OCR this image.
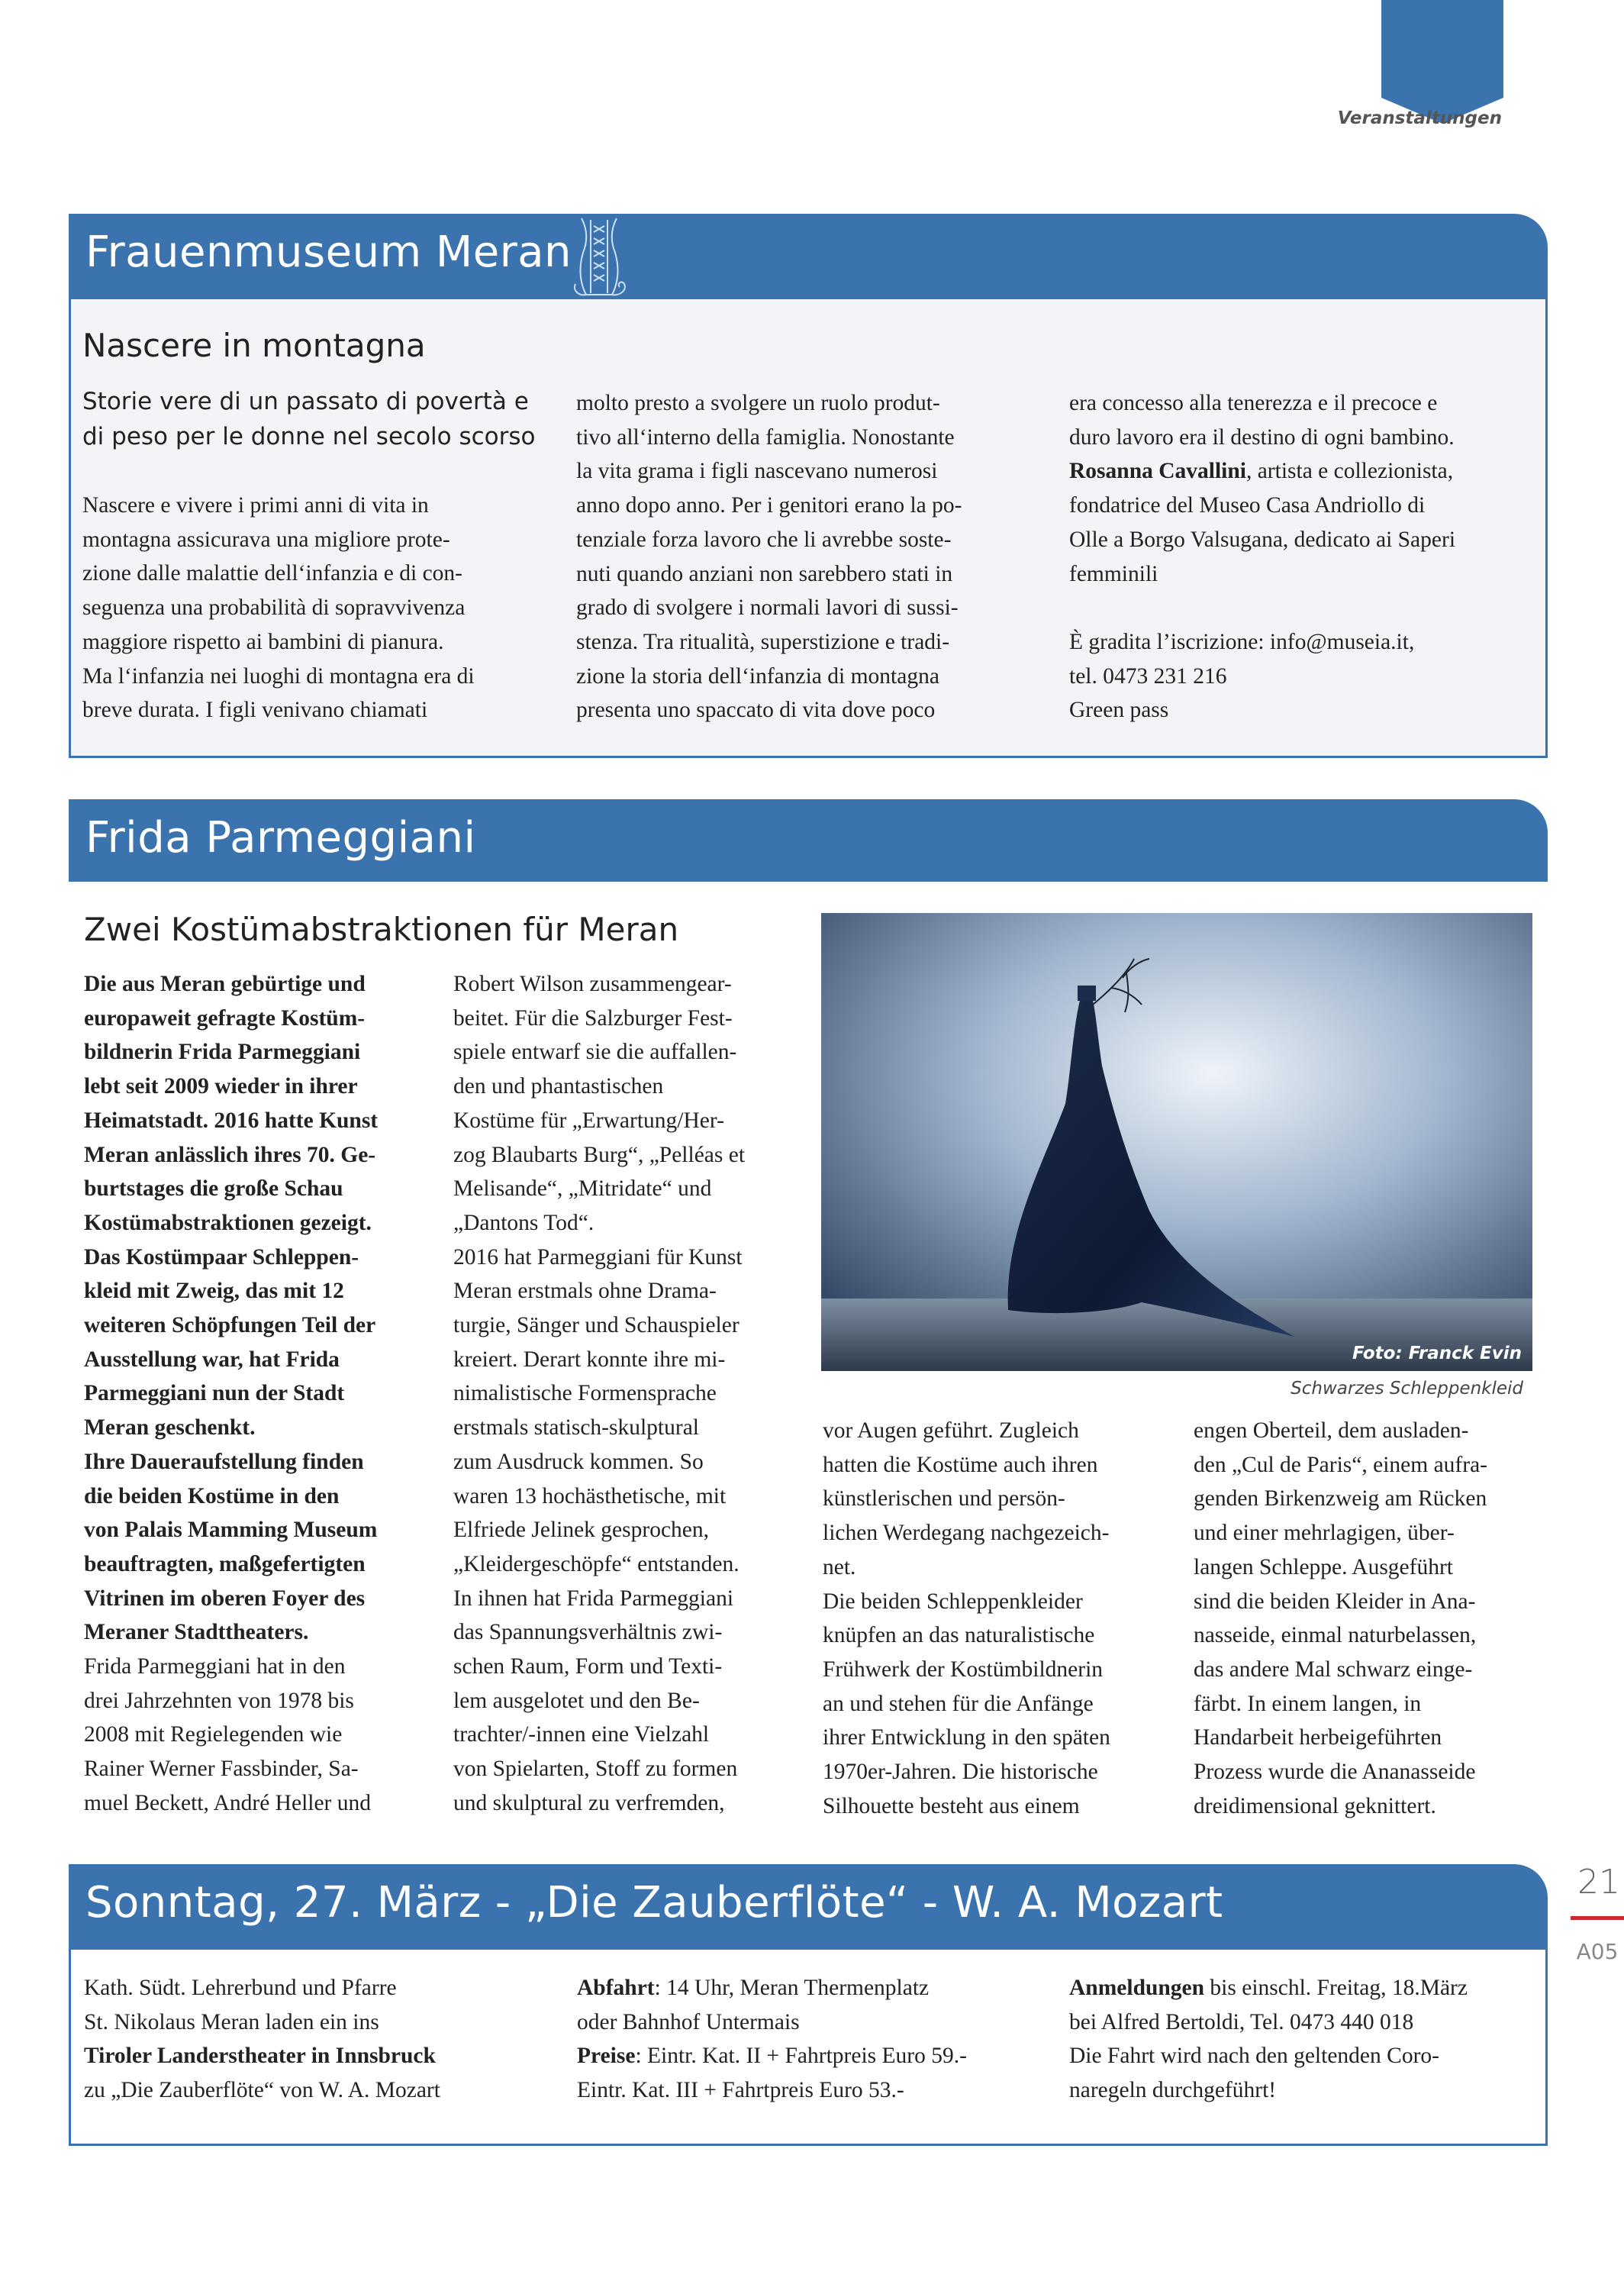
Veranstaltungen
Frauenmuseum Meran
Nascere in montagna
Storie vere di un passato di povertà e
di peso per le donne nel secolo scorso
Nascere e vivere i primi anni di vita in
montagna assicurava una migliore prote-
zione dalle malattie dell‘infanzia e di con-
seguenza una probabilità di sopravvivenza
maggiore rispetto ai bambini di pianura.
Ma l‘infanzia nei luoghi di montagna era di
breve durata. I figli venivano chiamati
molto presto a svolgere un ruolo produt-
tivo all‘interno della famiglia. Nonostante
la vita grama i figli nascevano numerosi
anno dopo anno. Per i genitori erano la po-
tenziale forza lavoro che li avrebbe soste-
nuti quando anziani non sarebbero stati in
grado di svolgere i normali lavori di sussi-
stenza. Tra ritualità, superstizione e tradi-
zione la storia dell‘infanzia di montagna
presenta uno spaccato di vita dove poco
era concesso alla tenerezza e il precoce e
duro lavoro era il destino di ogni bambino.
Rosanna Cavallini, artista e collezionista,
fondatrice del Museo Casa Andriollo di
Olle a Borgo Valsugana, dedicato ai Saperi
femminili
È gradita l’iscrizione: info@museia.it,
tel. 0473 231 216
Green pass
Frida Parmeggiani
Zwei Kostümabstraktionen für Meran
Die aus Meran gebürtige und
europaweit gefragte Kostüm-
bildnerin Frida Parmeggiani
lebt seit 2009 wieder in ihrer
Heimatstadt. 2016 hatte Kunst
Meran anlässlich ihres 70. Ge-
burtstages die große Schau
Kostümabstraktionen gezeigt.
Das Kostümpaar Schleppen-
kleid mit Zweig, das mit 12
weiteren Schöpfungen Teil der
Ausstellung war, hat Frida
Parmeggiani nun der Stadt
Meran geschenkt.
Ihre Daueraufstellung finden
die beiden Kostüme in den
von Palais Mamming Museum
beauftragten, maßgefertigten
Vitrinen im oberen Foyer des
Meraner Stadttheaters.
Frida Parmeggiani hat in den
drei Jahrzehnten von 1978 bis
2008 mit Regielegenden wie
Rainer Werner Fassbinder, Sa-
muel Beckett, André Heller und
Robert Wilson zusammengear-
beitet. Für die Salzburger Fest-
spiele entwarf sie die auffallen-
den und phantastischen
Kostüme für „Erwartung/Her-
zog Blaubarts Burg“, „Pelléas et
Melisande“, „Mitridate“ und
„Dantons Tod“.
2016 hat Parmeggiani für Kunst
Meran erstmals ohne Drama-
turgie, Sänger und Schauspieler
kreiert. Derart konnte ihre mi-
nimalistische Formensprache
erstmals statisch-skulptural
zum Ausdruck kommen. So
waren 13 hochästhetische, mit
Elfriede Jelinek gesprochen,
„Kleidergeschöpfe“ entstanden.
In ihnen hat Frida Parmeggiani
das Spannungsverhältnis zwi-
schen Raum, Form und Texti-
lem ausgelotet und den Be-
trachter/-innen eine Vielzahl
von Spielarten, Stoff zu formen
und skulptural zu verfremden,
Foto: Franck Evin
Schwarzes Schleppenkleid
vor Augen geführt. Zugleich
hatten die Kostüme auch ihren
künstlerischen und persön-
lichen Werdegang nachgezeich-
net.
Die beiden Schleppenkleider
knüpfen an das naturalistische
Frühwerk der Kostümbildnerin
an und stehen für die Anfänge
ihrer Entwicklung in den späten
1970er-Jahren. Die historische
Silhouette besteht aus einem
engen Oberteil, dem ausladen-
den „Cul de Paris“, einem aufra-
genden Birkenzweig am Rücken
und einer mehrlagigen, über-
langen Schleppe. Ausgeführt
sind die beiden Kleider in Ana-
nasseide, einmal naturbelassen,
das andere Mal schwarz einge-
färbt. In einem langen, in
Handarbeit herbeigeführten
Prozess wurde die Ananasseide
dreidimensional geknittert.
Sonntag, 27. März - „Die Zauberflöte“ - W. A. Mozart
Kath. Südt. Lehrerbund und Pfarre
St. Nikolaus Meran laden ein ins
Tiroler Landerstheater in Innsbruck
zu „Die Zauberflöte“ von W. A. Mozart
Abfahrt: 14 Uhr, Meran Thermenplatz
oder Bahnhof Untermais
Preise: Eintr. Kat. II + Fahrtpreis Euro 59.-
Eintr. Kat. III + Fahrtpreis Euro 53.-
Anmeldungen bis einschl. Freitag, 18.März
bei Alfred Bertoldi, Tel. 0473 440 018
Die Fahrt wird nach den geltenden Coro-
naregeln durchgeführt!
21
A05
